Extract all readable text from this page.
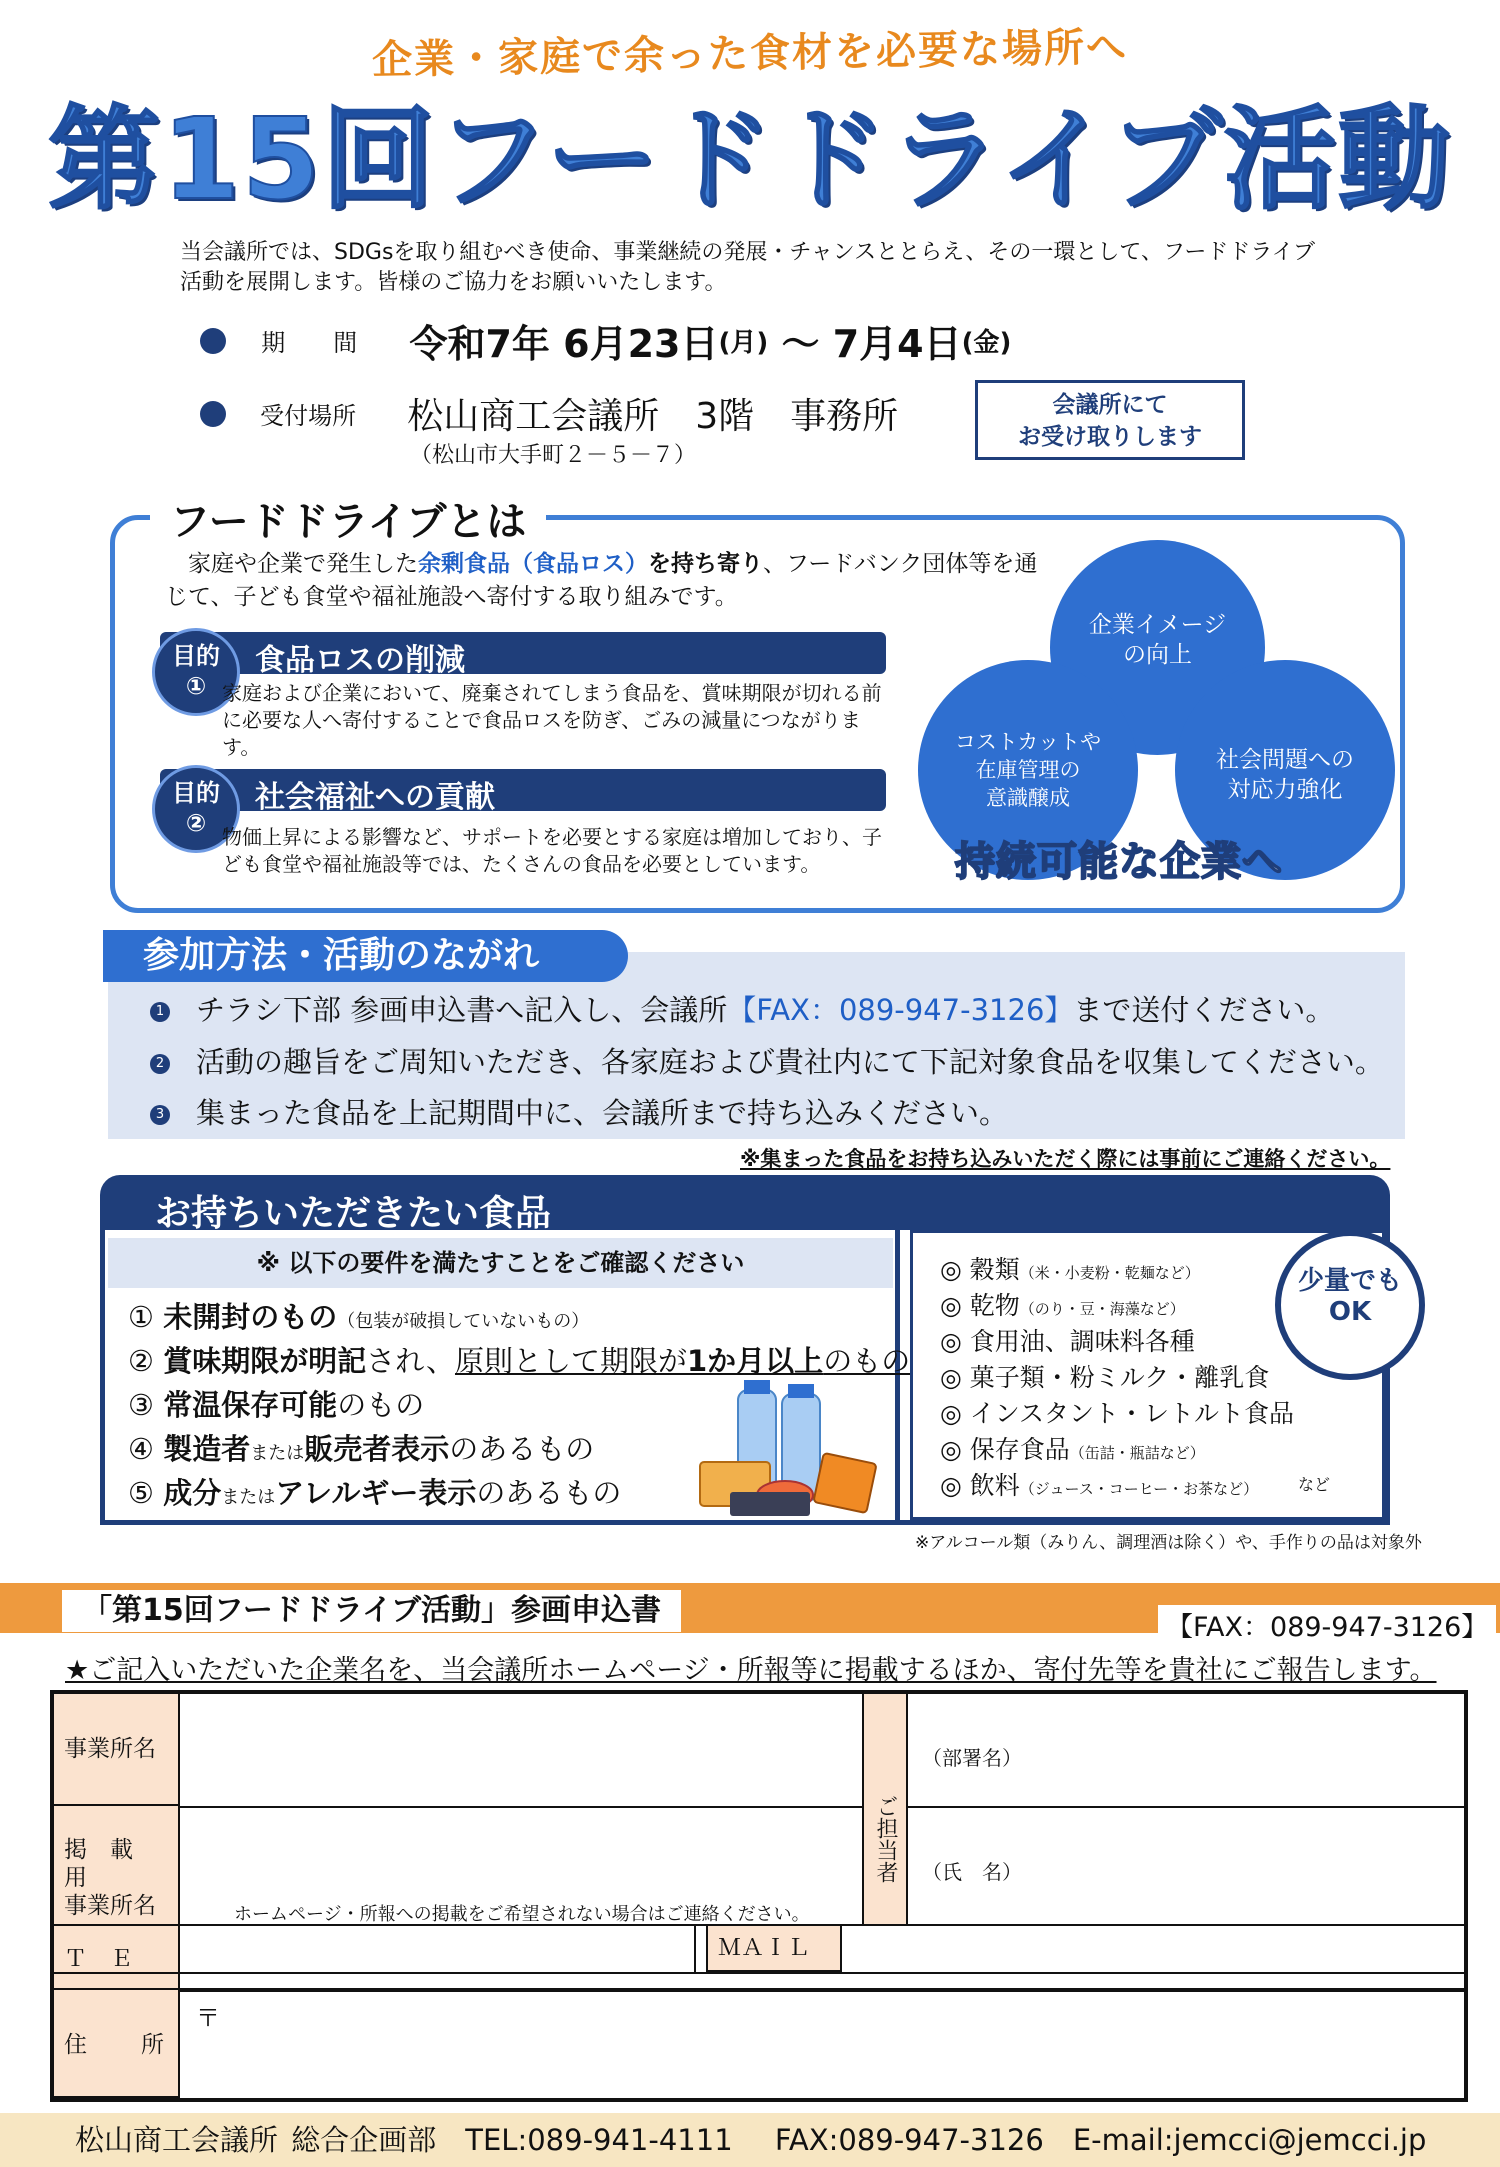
企業・家庭で余った食材を必要な場所へ
第15回フードドライブ活動
当会議所では、SDGsを取り組むべき使命、事業継続の発展・チャンスととらえ、その一環として、フードドライブ活動を展開します。皆様のご協力をお願いいたします。
期　　間 令和7年 6月23日(月) ～ 7月4日(金)
受付場所 松山商工会議所　3階　事務所
（松山市大手町２－５－７）
会議所にて
お受け取りします
フードドライブとは
　家庭や企業で発生した余剰食品（食品ロス）を持ち寄り、フードバンク団体等を通じて、子ども食堂や福祉施設へ寄付する取り組みです。
目的
①
食品ロスの削減
家庭および企業において、廃棄されてしまう食品を、賞味期限が切れる前に必要な人へ寄付することで食品ロスを防ぎ、ごみの減量につながります。
目的
②
社会福祉への貢献
物価上昇による影響など、サポートを必要とする家庭は増加しており、子ども食堂や福祉施設等では、たくさんの食品を必要としています。
企業イメージ
の向上
コストカットや
在庫管理の
意識醸成
社会問題への
対応力強化
持続可能な企業へ
参加方法・活動のながれ
1 チラシ下部 参画申込書へ記入し、会議所【FAX：089-947-3126】まで送付ください。
2 活動の趣旨をご周知いただき、各家庭および貴社内にて下記対象食品を収集してください。
3 集まった食品を上記期間中に、会議所まで持ち込みください。
※集まった食品をお持ち込みいただく際には事前にご連絡ください。
お持ちいただきたい食品
※ 以下の要件を満たすことをご確認ください
① 未開封のもの（包装が破損していないもの）
② 賞味期限が明記され、原則として期限が1か月以上のもの
③ 常温保存可能のもの
④ 製造者または販売者表示のあるもの
⑤ 成分またはアレルギー表示のあるもの
◎ 穀類（米・小麦粉・乾麺など）
◎ 乾物（のり・豆・海藻など）
◎ 食用油、調味料各種
◎ 菓子類・粉ミルク・離乳食
◎ インスタント・レトルト食品
◎ 保存食品（缶詰・瓶詰など）
◎ 飲料（ジュース・コーヒー・お茶など） など
少量でも
OK
※アルコール類（みりん、調理酒は除く）や、手作りの品は対象外
「第15回フードドライブ活動」参画申込書	【FAX：089-947-3126】
★ご記入いただいた企業名を、当会議所ホームページ・所報等に掲載するほか、寄付先等を貴社にご報告します。
事業所名
掲　載　用
事業所名
Ｔ　Ｅ　
ご担当者
ＭＡＩＬ
ホームページ・所報への掲載をご希望されない場合はご連絡ください。
（部署名）
（氏　名）
住 所
〒
松山商工会議所 総合企画部　 TEL:089-941-4111　 FAX:089-947-3126　 E-mail:jemcci@jemcci.jp
